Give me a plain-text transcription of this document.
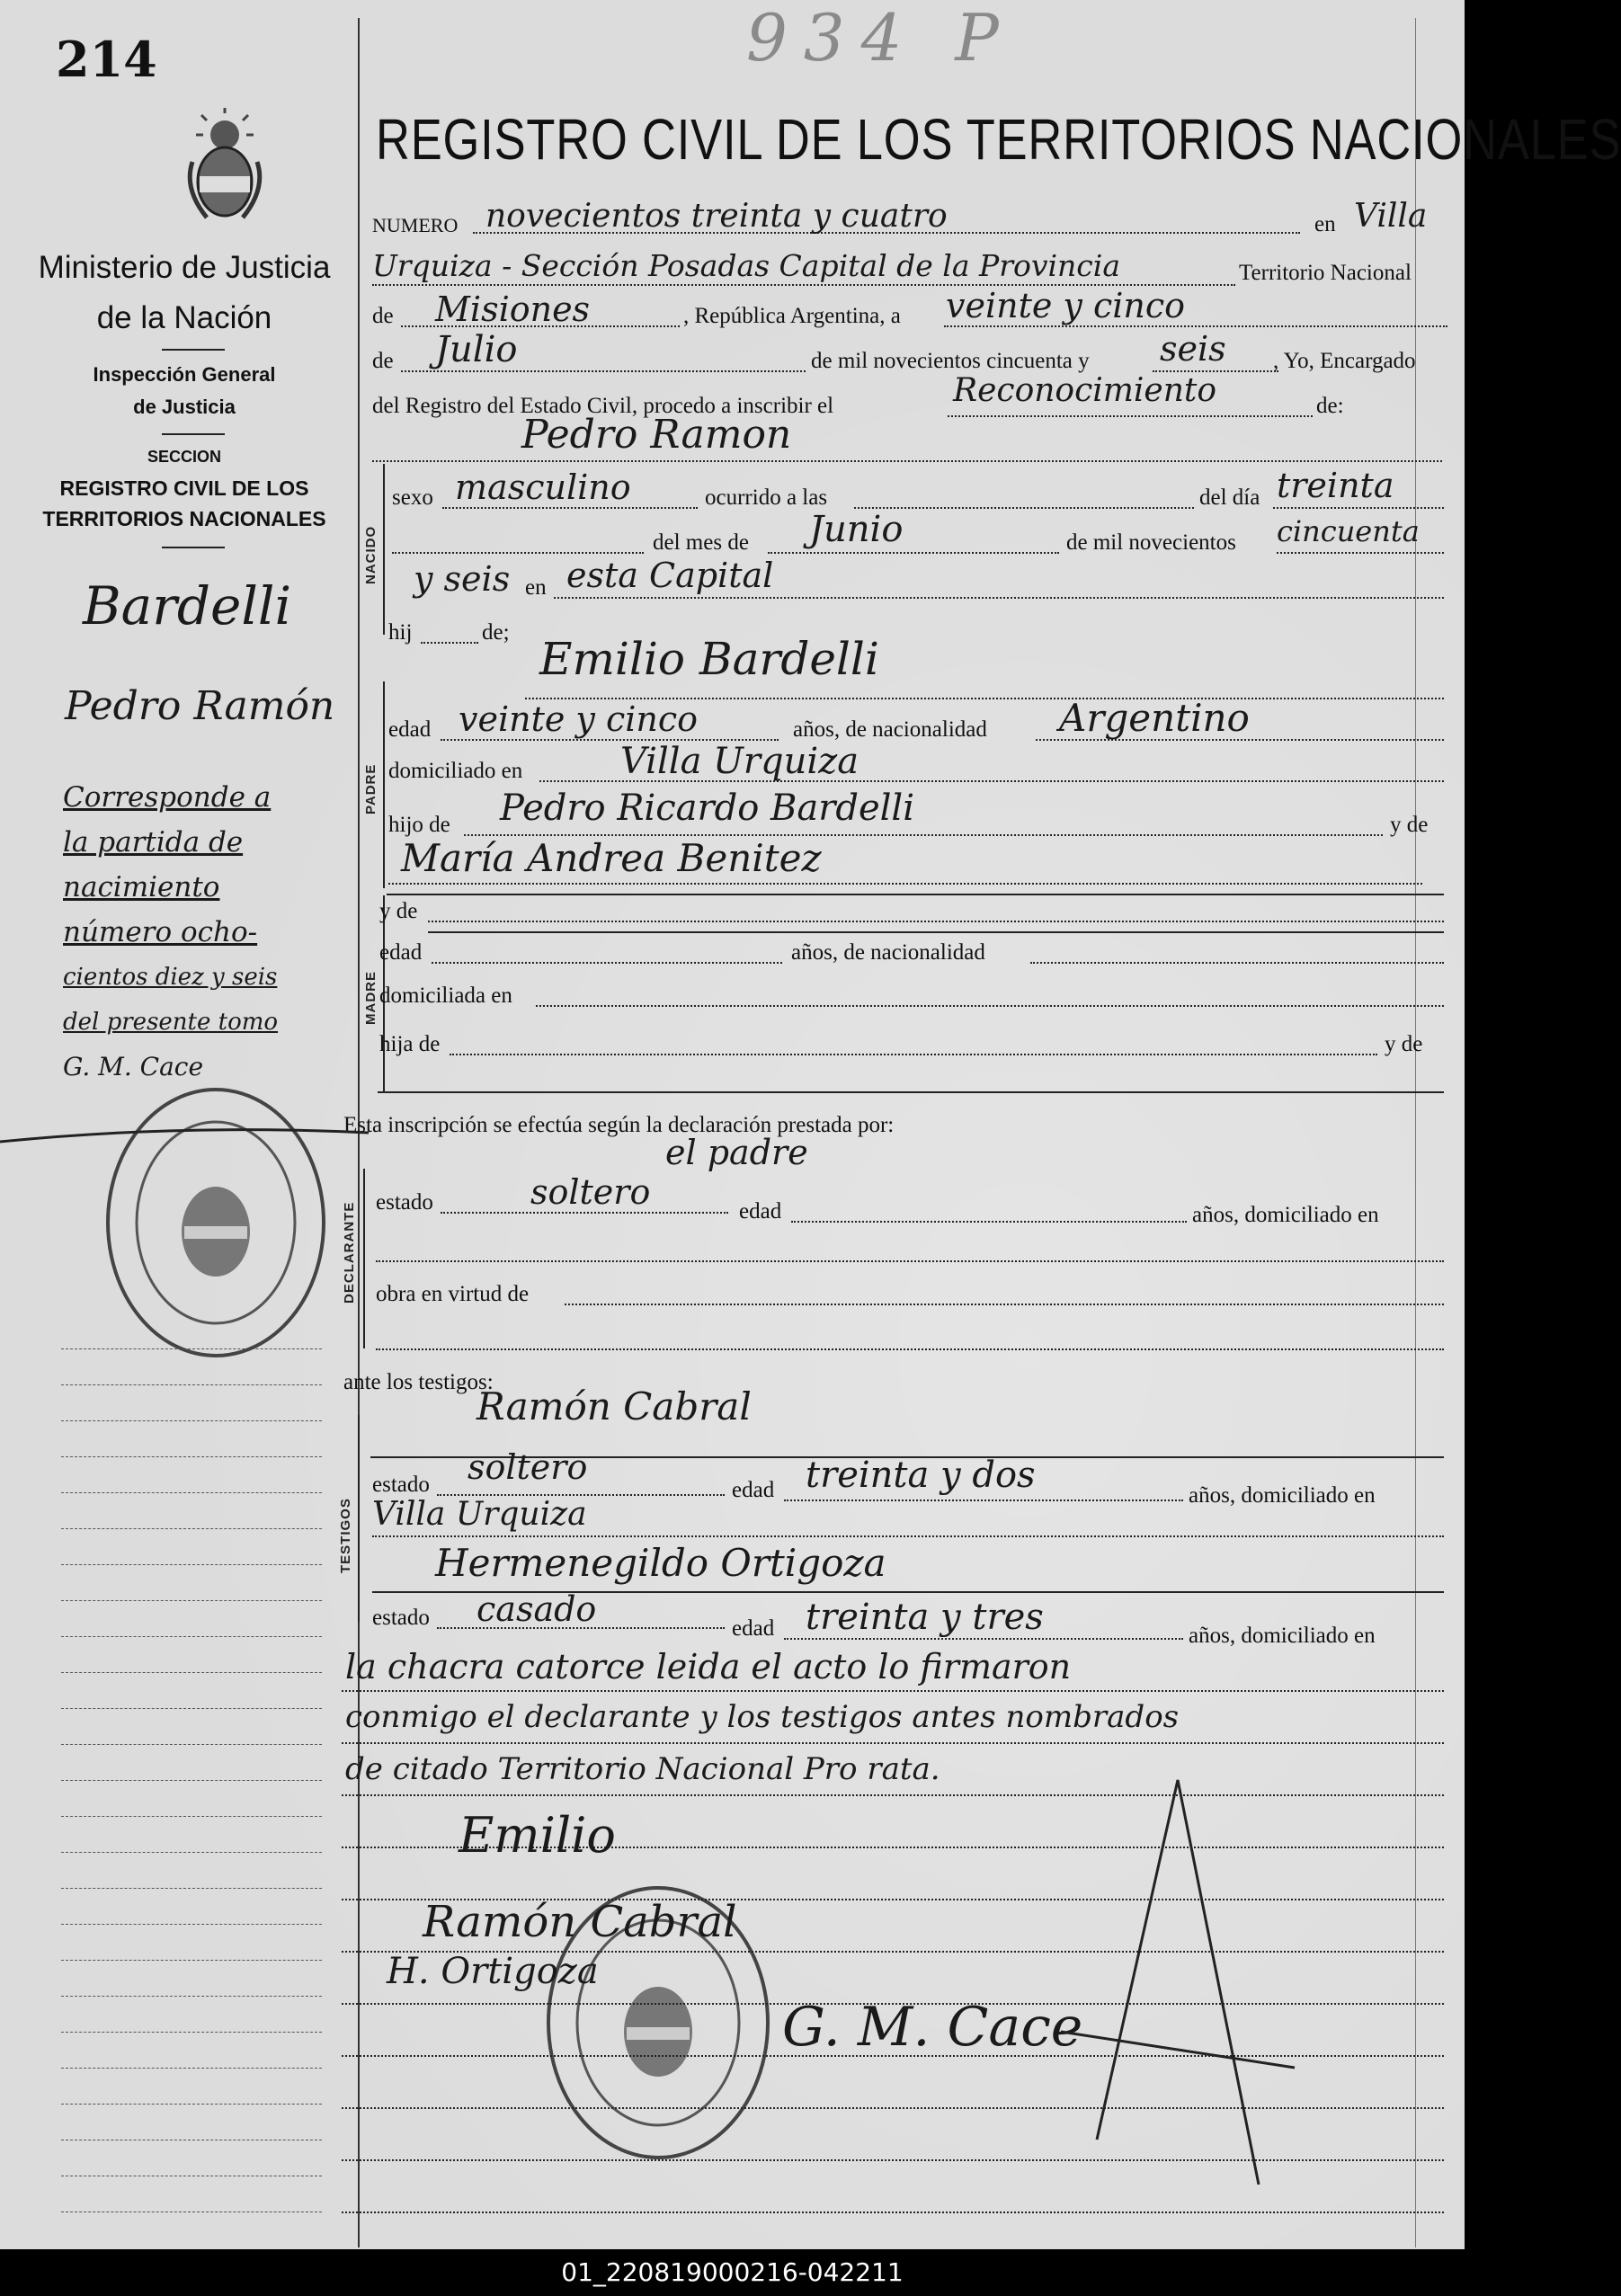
214	934 P
Ministerio de Justicia
de la Nación
Inspección General
de Justicia
SECCION
REGISTRO CIVIL DE LOS
TERRITORIOS NACIONALES
Bardelli
Pedro Ramón
Corresponde a
la partida de
nacimiento
número ocho-
cientos diez y seis
del presente tomo
G. M. Cace
REGISTRO CIVIL DE LOS TERRITORIOS NACIONALES
NUMERO novecientos treinta y cuatro	en Villa
Urquiza - Sección Posadas Capital de la Provincia	Territorio Nacional
de Misiones	, República Argentina, a veinte y cinco
de Julio	de mil novecientos cincuenta y seis , Yo, Encargado
del Registro del Estado Civil, procedo a inscribir el	Reconocimiento	de:
Pedro Ramon
NACIDO
sexo masculino	ocurrido a las	del día treinta
del mes de Junio	de mil novecientos cincuenta
y seis en esta Capital
hij	de;
Emilio Bardelli
PADRE
edad veinte y cinco	años, de nacionalidad Argentino
domiciliado en	Villa Urquiza
hijo de Pedro Ricardo Bardelli	y de
María Andrea Benitez
MADRE
y de
edad	años, de nacionalidad
domiciliada en
hija de	y de
Esta inscripción se efectúa según la declaración prestada por:
el padre
DECLARANTE estado	soltero	edad	años, domiciliado en
obra en virtud de
ante los testigos:
TESTIGOS
Ramón Cabral
estado soltero
edad treinta y dos	años, domiciliado en
Villa Urquiza
Hermenegildo Ortigoza
estado casado	edad treinta y tres	años, domiciliado en
la chacra catorce leida el acto lo firmaron
conmigo el declarante y los testigos antes nombrados
de citado Territorio Nacional Pro rata.
Emilio
Ramón Cabral
H. Ortigoza
G. M. Cace
01_220819000216-042211
